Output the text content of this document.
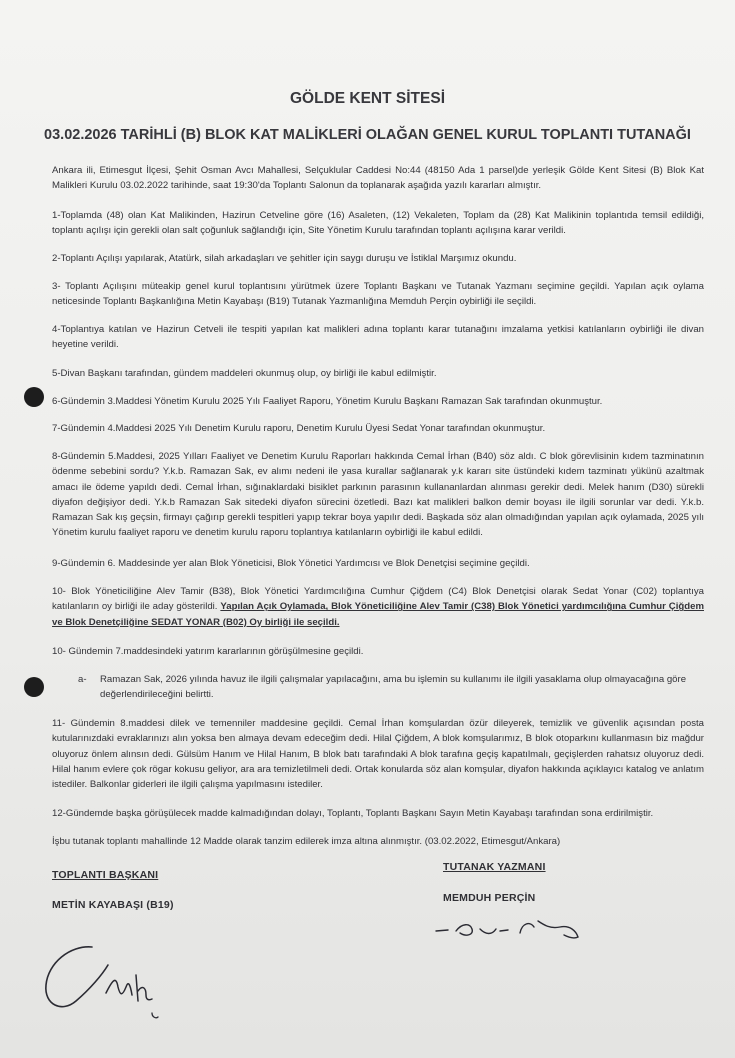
GÖLDE KENT SİTESİ
03.02.2026 TARİHLİ (B) BLOK KAT MALİKLERİ OLAĞAN GENEL KURUL TOPLANTI TUTANAĞI
Ankara ili, Etimesgut İlçesi, Şehit Osman Avcı Mahallesi, Selçuklular Caddesi No:44 (48150 Ada 1 parsel)de yerleşik Gölde Kent Sitesi (B) Blok Kat Malikleri Kurulu 03.02.2022 tarihinde, saat 19:30'da Toplantı Salonun da toplanarak aşağıda yazılı kararları almıştır.
1-Toplamda (48) olan Kat Malikinden, Hazirun Cetveline göre (16) Asaleten, (12) Vekaleten, Toplam da (28) Kat Malikinin toplantıda temsil edildiği, toplantı açılışı için gerekli olan salt çoğunluk sağlandığı için, Site Yönetim Kurulu tarafından toplantı açılışına karar verildi.
2-Toplantı Açılışı yapılarak, Atatürk, silah arkadaşları ve şehitler için saygı duruşu ve İstiklal Marşımız okundu.
3- Toplantı Açılışını müteakip genel kurul toplantısını yürütmek üzere Toplantı Başkanı ve Tutanak Yazmanı seçimine geçildi. Yapılan açık oylama neticesinde Toplantı Başkanlığına Metin Kayabaşı (B19) Tutanak Yazmanlığına Memduh Perçin oybirliği ile seçildi.
4-Toplantıya katılan ve Hazirun Cetveli ile tespiti yapılan kat malikleri adına toplantı karar tutanağını imzalama yetkisi katılanların oybirliği ile divan heyetine verildi.
5-Divan Başkanı tarafından, gündem maddeleri okunmuş olup, oy birliği ile kabul edilmiştir.
6-Gündemin 3.Maddesi Yönetim Kurulu 2025 Yılı Faaliyet Raporu, Yönetim Kurulu Başkanı Ramazan Sak tarafından okunmuştur.
7-Gündemin 4.Maddesi 2025 Yılı Denetim Kurulu raporu, Denetim Kurulu Üyesi Sedat Yonar tarafından okunmuştur.
8-Gündemin 5.Maddesi, 2025 Yılları Faaliyet ve Denetim Kurulu Raporları hakkında Cemal İrhan (B40) söz aldı. C blok görevlisinin kıdem tazminatının ödenme sebebini sordu? Y.k.b. Ramazan Sak, ev alımı nedeni ile yasa kurallar sağlanarak y.k kararı site üstündeki kıdem tazminatı yükünü azaltmak amacı ile ödeme yapıldı dedi. Cemal İrhan, sığınaklardaki bisiklet parkının parasının kullananlardan alınması gerekir dedi. Melek hanım (D30) sürekli diyafon değişiyor dedi. Y.k.b Ramazan Sak sitedeki diyafon sürecini özetledi. Bazı kat malikleri balkon demir boyası ile ilgili sorunlar var dedi. Y.k.b. Ramazan Sak kış geçsin, firmayı çağırıp gerekli tespitleri yapıp tekrar boya yapılır dedi. Başkada söz alan olmadığından yapılan açık oylamada, 2025 yılı Yönetim kurulu faaliyet raporu ve denetim kurulu raporu toplantıya katılanların oybirliği ile kabul edildi.
9-Gündemin 6. Maddesinde yer alan Blok Yöneticisi, Blok Yönetici Yardımcısı ve Blok Denetçisi seçimine geçildi.
10- Blok Yöneticiliğine Alev Tamir (B38), Blok Yönetici Yardımcılığına Cumhur Çiğdem (C4) Blok Denetçisi olarak Sedat Yonar (C02) toplantıya katılanların oy birliği ile aday gösterildi. Yapılan Açık Oylamada, Blok Yöneticiliğine Alev Tamir (C38) Blok Yönetici yardımcılığına Cumhur Çiğdem ve Blok Denetçiliğine SEDAT YONAR (B02) Oy birliği ile seçildi.
10- Gündemin 7.maddesindeki yatırım kararlarının görüşülmesine geçildi.
a-	Ramazan Sak, 2026 yılında havuz ile ilgili çalışmalar yapılacağını, ama bu işlemin su kullanımı ile ilgili yasaklama olup olmayacağına göre değerlendirileceğini belirtti.
11- Gündemin 8.maddesi dilek ve temenniler maddesine geçildi. Cemal İrhan komşulardan özür dileyerek, temizlik ve güvenlik açısından posta kutularınızdaki evraklarınızı alın yoksa ben almaya devam edeceğim dedi. Hilal Çiğdem, A blok komşularımız, B blok otoparkını kullanmasın biz mağdur oluyoruz önlem alınsın dedi. Gülsüm Hanım ve Hilal Hanım, B blok batı tarafındaki A blok tarafına geçiş kapatılmalı, geçişlerden rahatsız oluyoruz dedi. Hilal hanım evlere çok rögar kokusu geliyor, ara ara temizletilmeli dedi. Ortak konularda söz alan komşular, diyafon hakkında açıklayıcı katalog ve anlatım istediler. Balkonlar giderleri ile ilgili çalışma yapılmasını istediler.
12-Gündemde başka görüşülecek madde kalmadığından dolayı, Toplantı, Toplantı Başkanı Sayın Metin Kayabaşı tarafından sona erdirilmiştir.
İşbu tutanak toplantı mahallinde 12 Madde olarak tanzim edilerek imza altına alınmıştır. (03.02.2022, Etimesgut/Ankara)
TOPLANTI BAŞKANI
METİN KAYABAŞI (B19)
TUTANAK YAZMANI
MEMDUH PERÇİN
